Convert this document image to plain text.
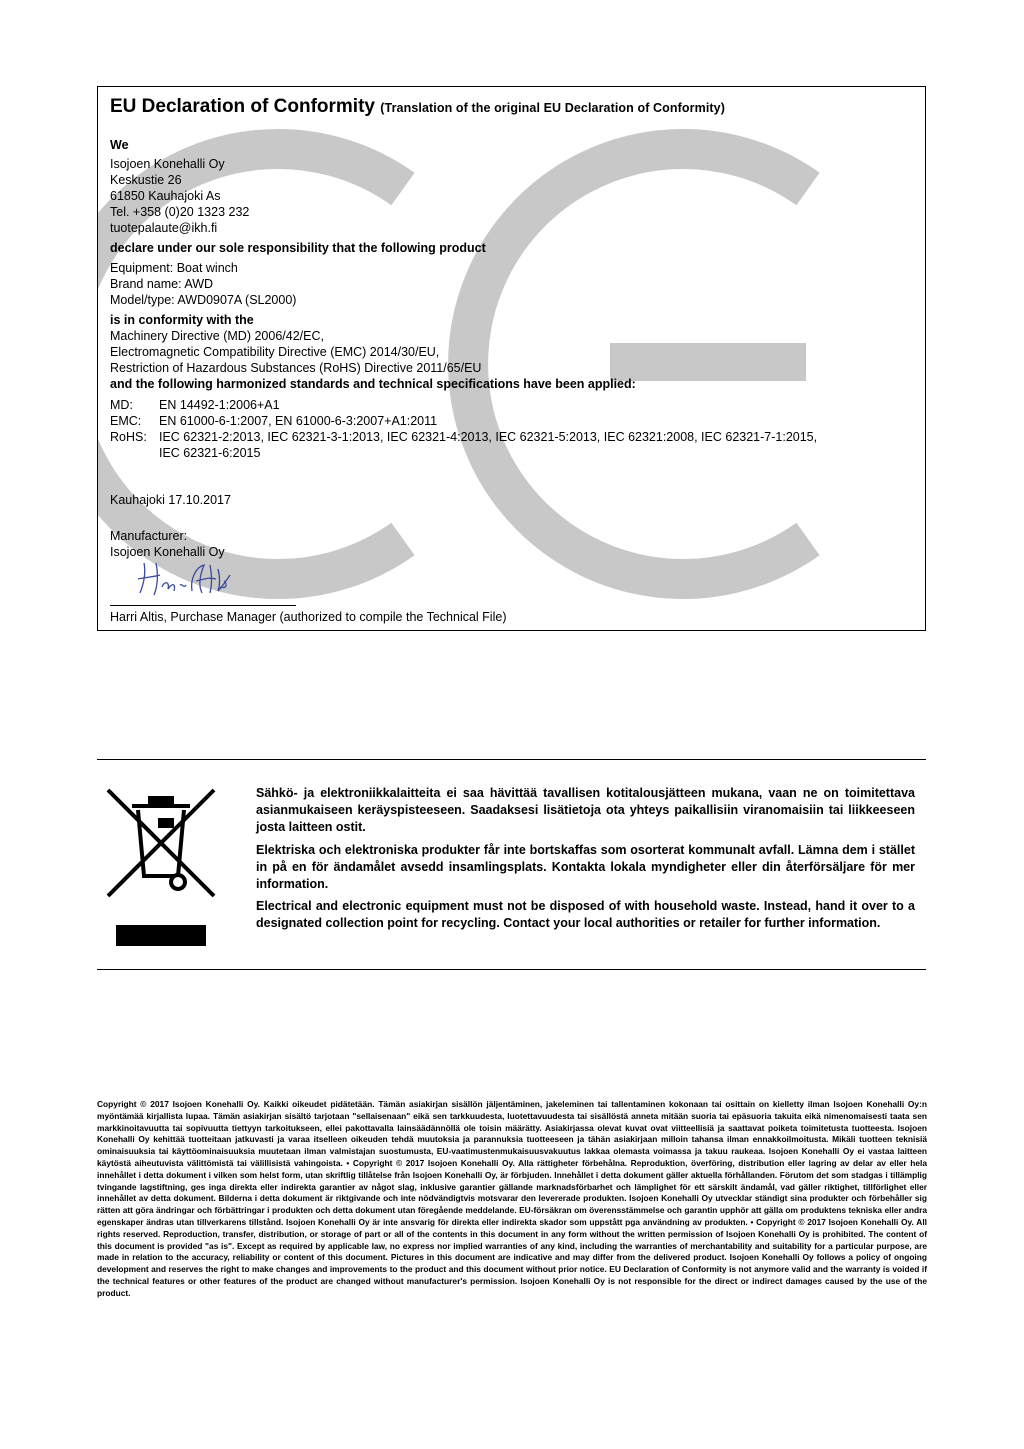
EU Declaration of Conformity (Translation of the original EU Declaration of Conformity)
We
Isojoen Konehalli Oy
Keskustie 26
61850 Kauhajoki As
Tel. +358 (0)20 1323 232
tuotepalaute@ikh.fi
declare under our sole responsibility that the following product
Equipment: Boat winch
Brand name: AWD
Model/type: AWD0907A (SL2000)
is in conformity with the
Machinery Directive (MD) 2006/42/EC,
Electromagnetic Compatibility Directive (EMC) 2014/30/EU,
Restriction of Hazardous Substances (RoHS) Directive 2011/65/EU
and the following harmonized standards and technical specifications have been applied:
MD: EN 14492-1:2006+A1
EMC: EN 61000-6-1:2007, EN 61000-6-3:2007+A1:2011
RoHS: IEC 62321-2:2013, IEC 62321-3-1:2013, IEC 62321-4:2013, IEC 62321-5:2013, IEC 62321:2008, IEC 62321-7-1:2015,
IEC 62321-6:2015
Kauhajoki 17.10.2017
Manufacturer:
Isojoen Konehalli Oy
Harri Altis, Purchase Manager (authorized to compile the Technical File)

Sähkö- ja elektroniikkalaitteita ei saa hävittää tavallisen kotitalousjätteen mukana, vaan ne on toimitettava asianmukaiseen keräyspisteeseen. Saadaksesi lisätietoja ota yhteys paikallisiin viranomaisiin tai liikkeeseen josta laitteen ostit.

Elektriska och elektroniska produkter får inte bortskaffas som osorterat kommunalt avfall. Lämna dem i stället in på en för ändamålet avsedd insamlingsplats. Kontakta lokala myndigheter eller din återförsäljare för mer information.

Electrical and electronic equipment must not be disposed of with household waste. Instead, hand it over to a designated collection point for recycling. Contact your local authorities or retailer for further information.

Copyright © 2017 Isojoen Konehalli Oy. Kaikki oikeudet pidätetään. Tämän asiakirjan sisällön jäljentäminen, jakeleminen tai tallentaminen kokonaan tai osittain on kielletty ilman Isojoen Konehalli Oy:n myöntämää kirjallista lupaa. Tämän asiakirjan sisältö tarjotaan "sellaisenaan" eikä sen tarkkuudesta, luotettavuudesta tai sisällöstä anneta mitään suoria tai epäsuoria takuita eikä nimenomaisesti taata sen markkinoitavuutta tai sopivuutta tiettyyn tarkoitukseen, ellei pakottavalla lainsäädännöllä ole toisin määrätty. Asiakirjassa olevat kuvat ovat viitteellisiä ja saattavat poiketa toimitetusta tuotteesta. Isojoen Konehalli Oy kehittää tuotteitaan jatkuvasti ja varaa itselleen oikeuden tehdä muutoksia ja parannuksia tuotteeseen ja tähän asiakirjaan milloin tahansa ilman ennakkoilmoitusta. Mikäli tuotteen teknisiä ominaisuuksia tai käyttöominaisuuksia muutetaan ilman valmistajan suostumusta, EU-vaatimustenmukaisuusvakuutus lakkaa olemasta voimassa ja takuu raukeaa. Isojoen Konehalli Oy ei vastaa laitteen käytöstä aiheutuvista välittömistä tai välillisistä vahingoista. • Copyright © 2017 Isojoen Konehalli Oy. Alla rättigheter förbehålna. Reproduktion, överföring, distribution eller lagring av delar av eller hela innehållet i detta dokument i vilken som helst form, utan skriftlig tillåtelse från Isojoen Konehalli Oy, är förbjuden. Innehållet i detta dokument gäller aktuella förhållanden. Förutom det som stadgas i tillämplig tvingande lagstiftning, ges inga direkta eller indirekta garantier av något slag, inklusive garantier gällande marknadsförbarhet och lämplighet för ett särskilt ändamål, vad gäller riktighet, tillförlighet eller innehållet av detta dokument. Bilderna i detta dokument är riktgivande och inte nödvändigtvis motsvarar den levererade produkten. Isojoen Konehalli Oy utvecklar ständigt sina produkter och förbehåller sig rätten att göra ändringar och förbättringar i produkten och detta dokument utan föregående meddelande. EU-försäkran om överensstämmelse och garantin upphör att gälla om produktens tekniska eller andra egenskaper ändras utan tillverkarens tillstånd. Isojoen Konehalli Oy är inte ansvarig för direkta eller indirekta skador som uppstått pga användning av produkten. • Copyright © 2017 Isojoen Konehalli Oy. All rights reserved. Reproduction, transfer, distribution, or storage of part or all of the contents in this document in any form without the written permission of Isojoen Konehalli Oy is prohibited. The content of this document is provided "as is". Except as required by applicable law, no express nor implied warranties of any kind, including the warranties of merchantability and suitability for a particular purpose, are made in relation to the accuracy, reliability or content of this document. Pictures in this document are indicative and may differ from the delivered product. Isojoen Konehalli Oy follows a policy of ongoing development and reserves the right to make changes and improvements to the product and this document without prior notice. EU Declaration of Conformity is not anymore valid and the warranty is voided if the technical features or other features of the product are changed without manufacturer's permission. Isojoen Konehalli Oy is not responsible for the direct or indirect damages caused by the use of the product.
